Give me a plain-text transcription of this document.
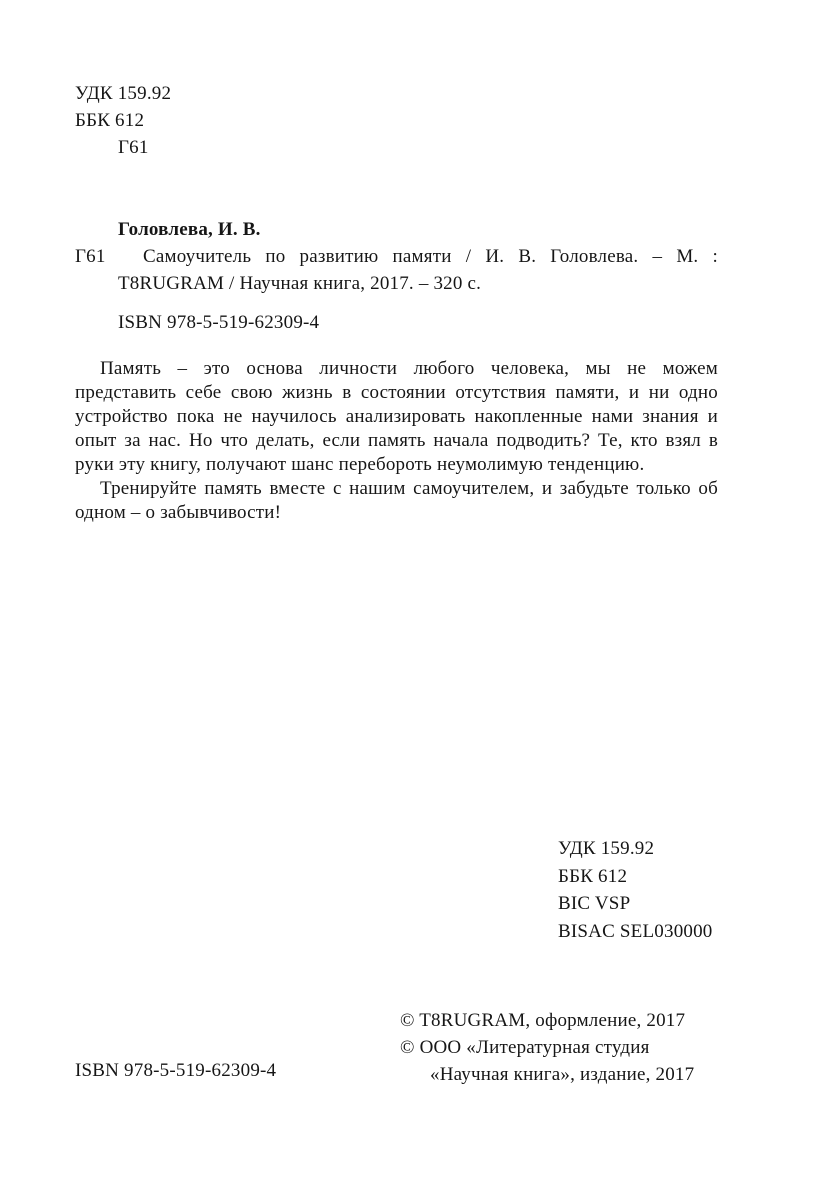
УДК 159.92
ББК 612
Г61

Головлева, И. В.

Г61	Самоучитель по развитию памяти / И. В. Головлева. – М. : T8RUGRAM / Научная книга, 2017. – 320 с.

ISBN 978-5-519-62309-4

Память – это основа личности любого человека, мы не можем представить себе свою жизнь в состоянии отсутствия памяти, и ни одно устройство пока не научилось анализировать накопленные нами знания и опыт за нас. Но что делать, если память начала подводить? Те, кто взял в руки эту книгу, получают шанс перебороть неумолимую тенденцию.

Тренируйте память вместе с нашим самоучителем, и забудьте только об одном – о забывчивости!

УДК 159.92
ББК 612
BIC VSP
BISAC SEL030000
© T8RUGRAM, оформление, 2017
© ООО «Литературная студия
«Научная книга», издание, 2017
ISBN 978-5-519-62309-4
